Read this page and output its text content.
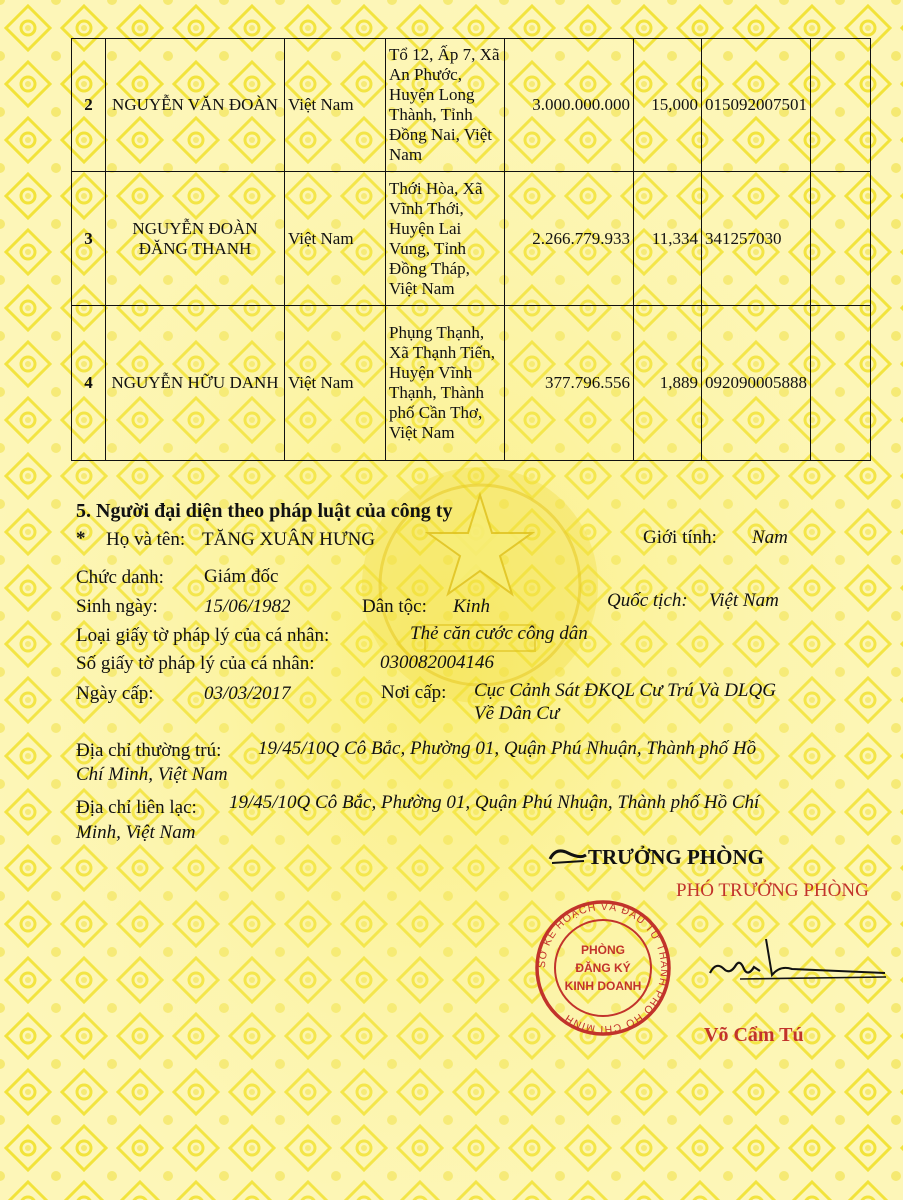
2	NGUYỄN VĂN ĐOÀN	Việt Nam	Tổ 12, Ấp 7, Xã An Phước, Huyện Long Thành, Tỉnh Đồng Nai, Việt Nam	3.000.000.000	15,000	015092007501	
3	NGUYỄN ĐOÀN ĐĂNG THANH	Việt Nam	Thới Hòa, Xã Vĩnh Thới, Huyện Lai Vung, Tỉnh Đồng Tháp, Việt Nam	2.266.779.933	11,334	341257030	
4	NGUYỄN HỮU DANH	Việt Nam	Phụng Thạnh, Xã Thạnh Tiến, Huyện Vĩnh Thạnh, Thành phố Cần Thơ, Việt Nam	377.796.556	1,889	092090005888	
5. Người đại diện theo pháp luật của công ty
* Họ và tên: TĂNG XUÂN HƯNG	Giới tính: Nam
Chức danh: Giám đốc
Sinh ngày: 15/06/1982	Dân tộc: Kinh	Quốc tịch: Việt Nam
Loại giấy tờ pháp lý của cá nhân:	Thẻ căn cước công dân
Số giấy tờ pháp lý của cá nhân:	030082004146
Ngày cấp:	03/03/2017	Nơi cấp: Cục Cảnh Sát ĐKQL Cư Trú Và DLQG
Về Dân Cư
Địa chỉ thường trú: 19/45/10Q Cô Bắc, Phường 01, Quận Phú Nhuận, Thành phố Hồ
Chí Minh, Việt Nam
Địa chỉ liên lạc: 19/45/10Q Cô Bắc, Phường 01, Quận Phú Nhuận, Thành phố Hồ Chí
Minh, Việt Nam
TRƯỞNG PHÒNG
PHÓ TRƯỞNG PHÒNG
SỞ KẾ HOẠCH VÀ ĐẦU TƯ THÀNH PHỐ HỒ CHÍ MINH
PHÒNG
ĐĂNG KÝ
KINH DOANH
Võ Cẩm Tú
